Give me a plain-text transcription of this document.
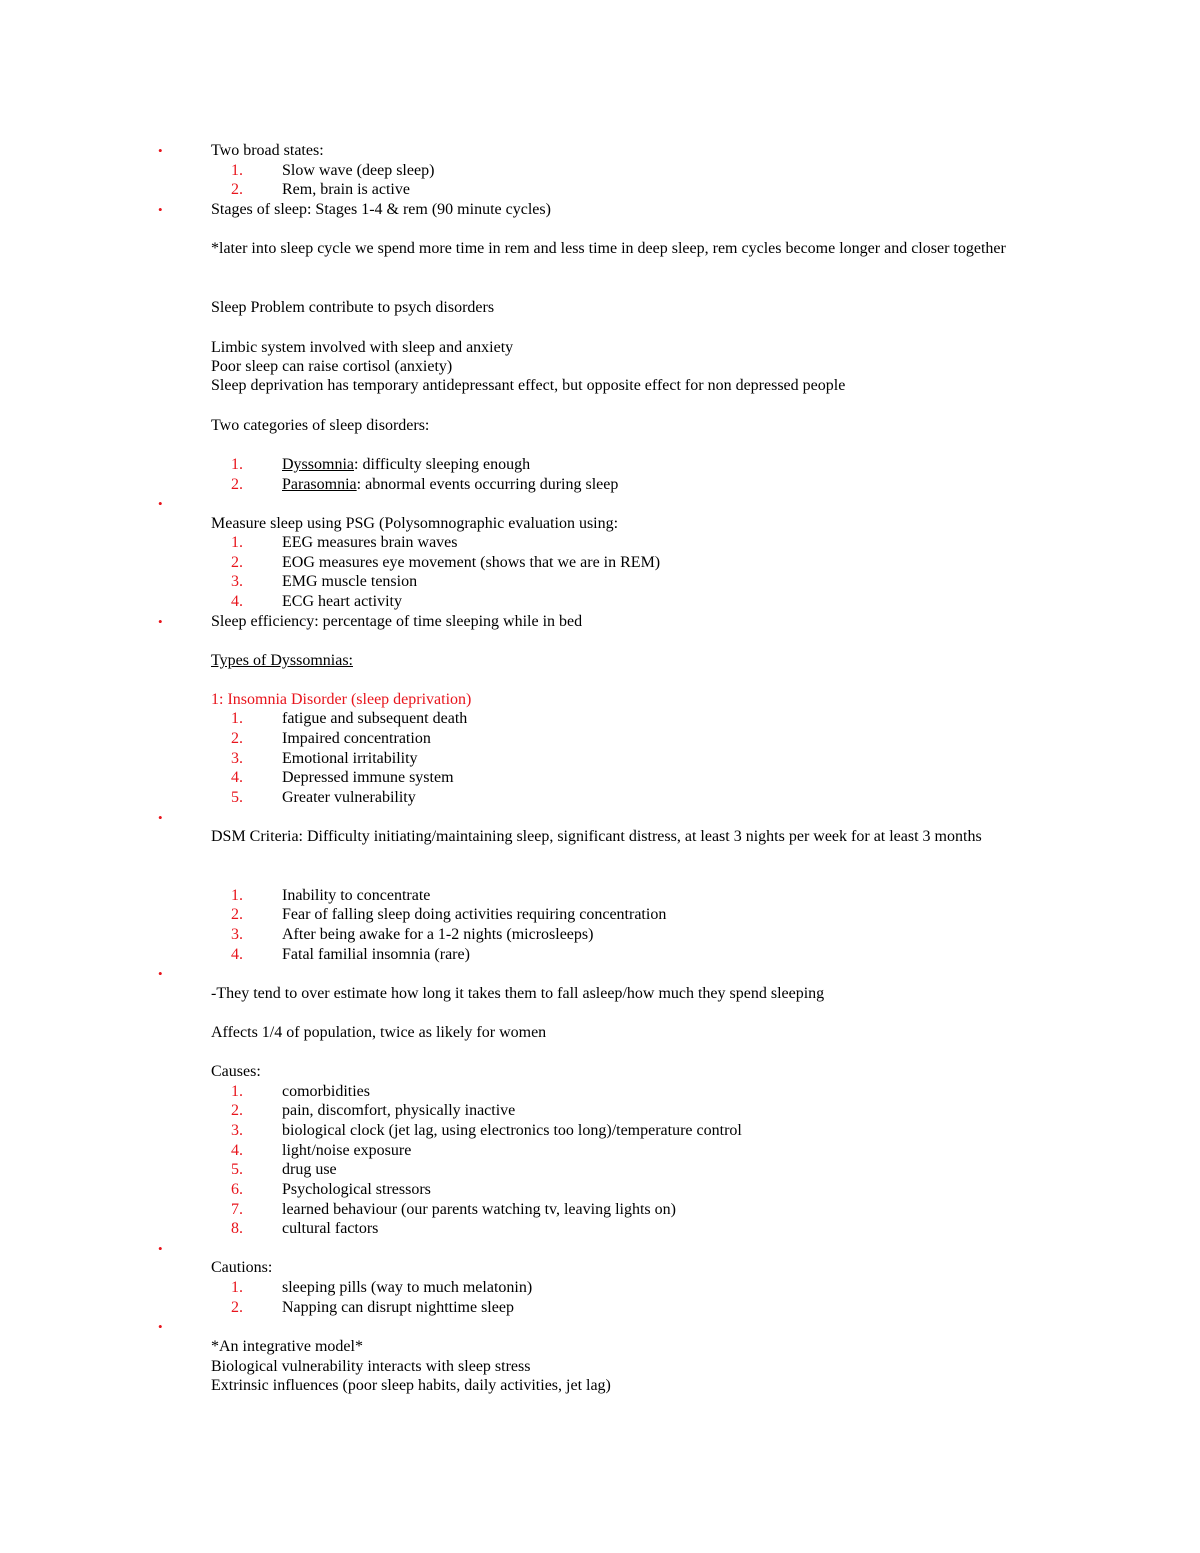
•	Two broad states:
1. Slow wave (deep sleep)
2. Rem, brain is active
•	Stages of sleep: Stages 1-4 & rem (90 minute cycles)
*later into sleep cycle we spend more time in rem and less time in deep sleep, rem cycles become longer and closer together
Sleep Problem contribute to psych disorders
Limbic system involved with sleep and anxiety
Poor sleep can raise cortisol (anxiety)
Sleep deprivation has temporary antidepressant effect, but opposite effect for non depressed people
Two categories of sleep disorders:
1. Dyssomnia: difficulty sleeping enough
2. Parasomnia: abnormal events occurring during sleep
•
Measure sleep using PSG (Polysomnographic evaluation using:
1. EEG measures brain waves
2. EOG measures eye movement (shows that we are in REM)
3. EMG muscle tension
4. ECG heart activity
•	Sleep efficiency: percentage of time sleeping while in bed
Types of Dyssomnias:
1: Insomnia Disorder (sleep deprivation)
1. fatigue and subsequent death
2. Impaired concentration
3. Emotional irritability
4. Depressed immune system
5. Greater vulnerability
•
DSM Criteria: Difficulty initiating/maintaining sleep, significant distress, at least 3 nights per week for at least 3 months
1. Inability to concentrate
2. Fear of falling sleep doing activities requiring concentration
3. After being awake for a 1-2 nights (microsleeps)
4. Fatal familial insomnia (rare)
•
-They tend to over estimate how long it takes them to fall asleep/how much they spend sleeping
Affects 1/4 of population, twice as likely for women
Causes:
1. comorbidities
2. pain, discomfort, physically inactive
3. biological clock (jet lag, using electronics too long)/temperature control
4. light/noise exposure
5. drug use
6. Psychological stressors
7. learned behaviour (our parents watching tv, leaving lights on)
8. cultural factors
•
Cautions:
1. sleeping pills (way to much melatonin)
2. Napping can disrupt nighttime sleep
•
*An integrative model*
Biological vulnerability interacts with sleep stress
Extrinsic influences (poor sleep habits, daily activities, jet lag)
